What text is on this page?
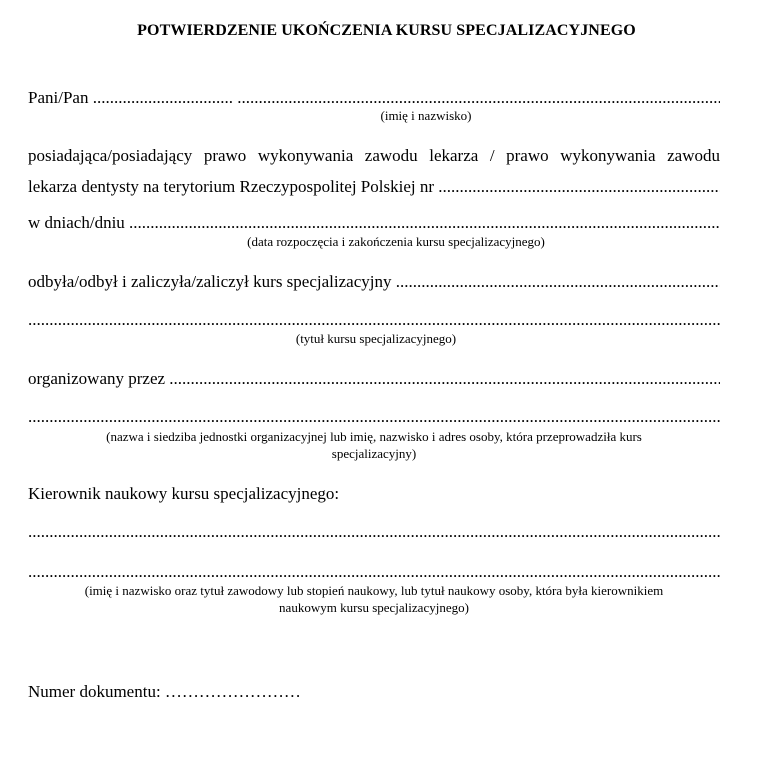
POTWIERDZENIE UKOŃCZENIA KURSU SPECJALIZACYJNEGO
Pani/Pan ................................. .....
(imię i nazwisko)
posiadająca/posiadający prawo wykonywania zawodu lekarza / prawo wykonywania zawodu
lekarza dentysty na terytorium Rzeczypospolitej Polskiej nr .....
w dniach/dniu .....
(data rozpoczęcia i zakończenia kursu specjalizacyjnego)
odbyła/odbył i zaliczyła/zaliczył kurs specjalizacyjny .....
.....
(tytuł kursu specjalizacyjnego)
organizowany przez .....
.....
(nazwa i siedziba jednostki organizacyjnej lub imię, nazwisko i adres osoby, która przeprowadziła kurs
specjalizacyjny)
Kierownik naukowy kursu specjalizacyjnego:
.....
.....
(imię i nazwisko oraz tytuł zawodowy lub stopień naukowy, lub tytuł naukowy osoby, która była kierownikiem
naukowym kursu specjalizacyjnego)
Numer dokumentu: ……………………
